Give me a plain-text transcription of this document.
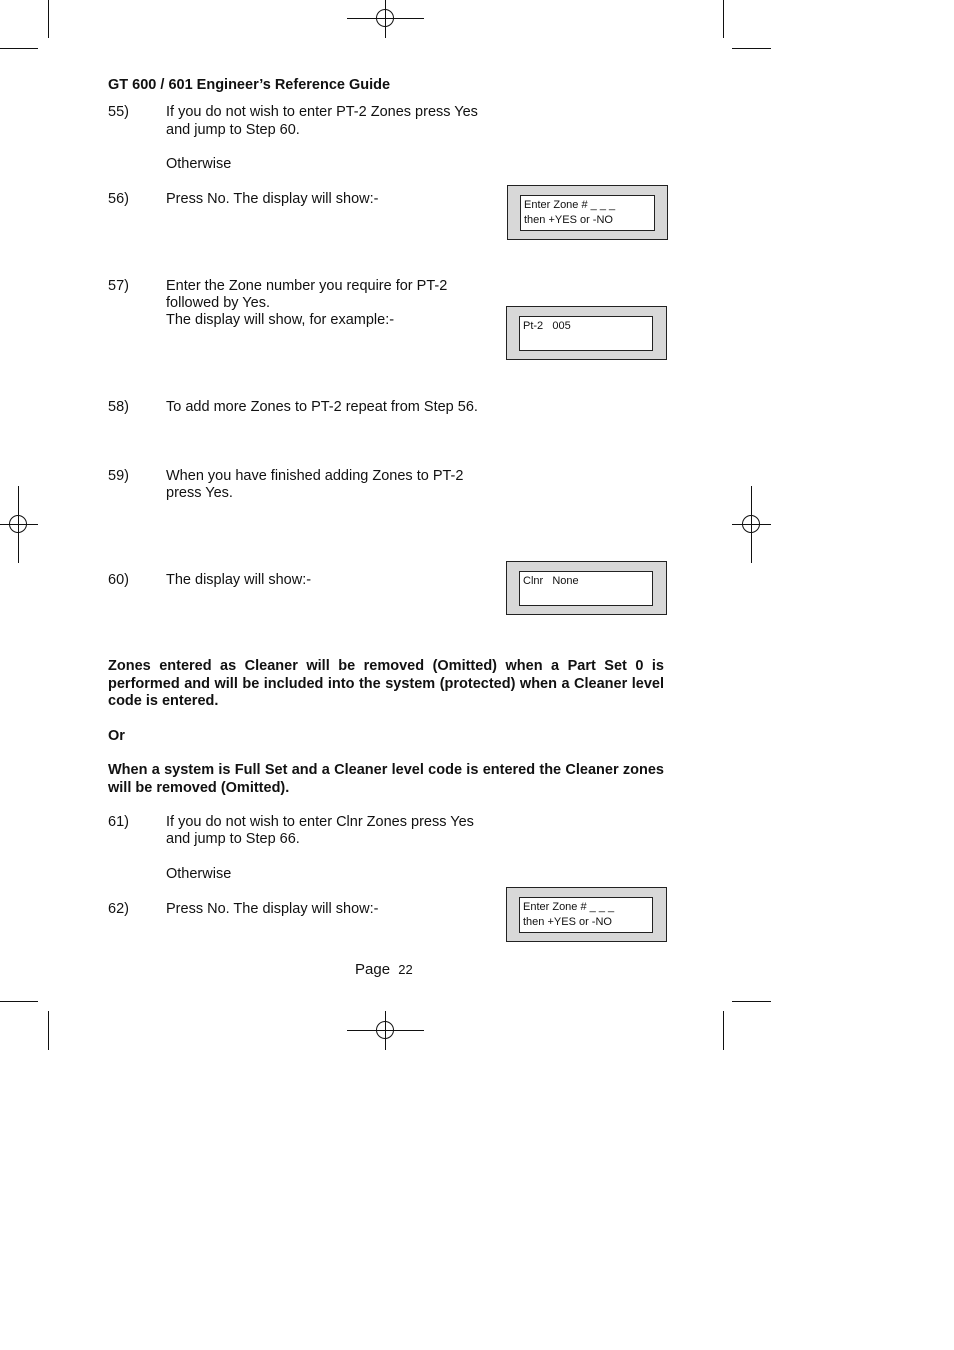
GT 600 / 601 Engineer’s Reference Guide
55)	If you do not wish to enter PT-2 Zones press Yes
and jump to Step 60.
Otherwise
56)	Press No. The display will show:-	Enter Zone # _ _ _
then +YES or -NO
57)	Enter the Zone number you require for PT-2
followed by Yes.
The display will show, for example:-	Pt-2   005
58)	To add more Zones to PT-2 repeat from Step 56.
59)	When you have finished adding Zones to PT-2
press Yes.
60)	The display will show:-	Clnr   None
Zones entered as Cleaner will be removed (Omitted) when a Part Set 0 is performed and will be included into the system (protected) when a Cleaner level code is entered.
Or
When a system is Full Set and a Cleaner level code is entered the Cleaner zones will be removed (Omitted).
61)	If you do not wish to enter Clnr Zones press Yes
and jump to Step 66.
Otherwise
62)	Press No. The display will show:-	Enter Zone # _ _ _
then +YES or -NO
Page 22
